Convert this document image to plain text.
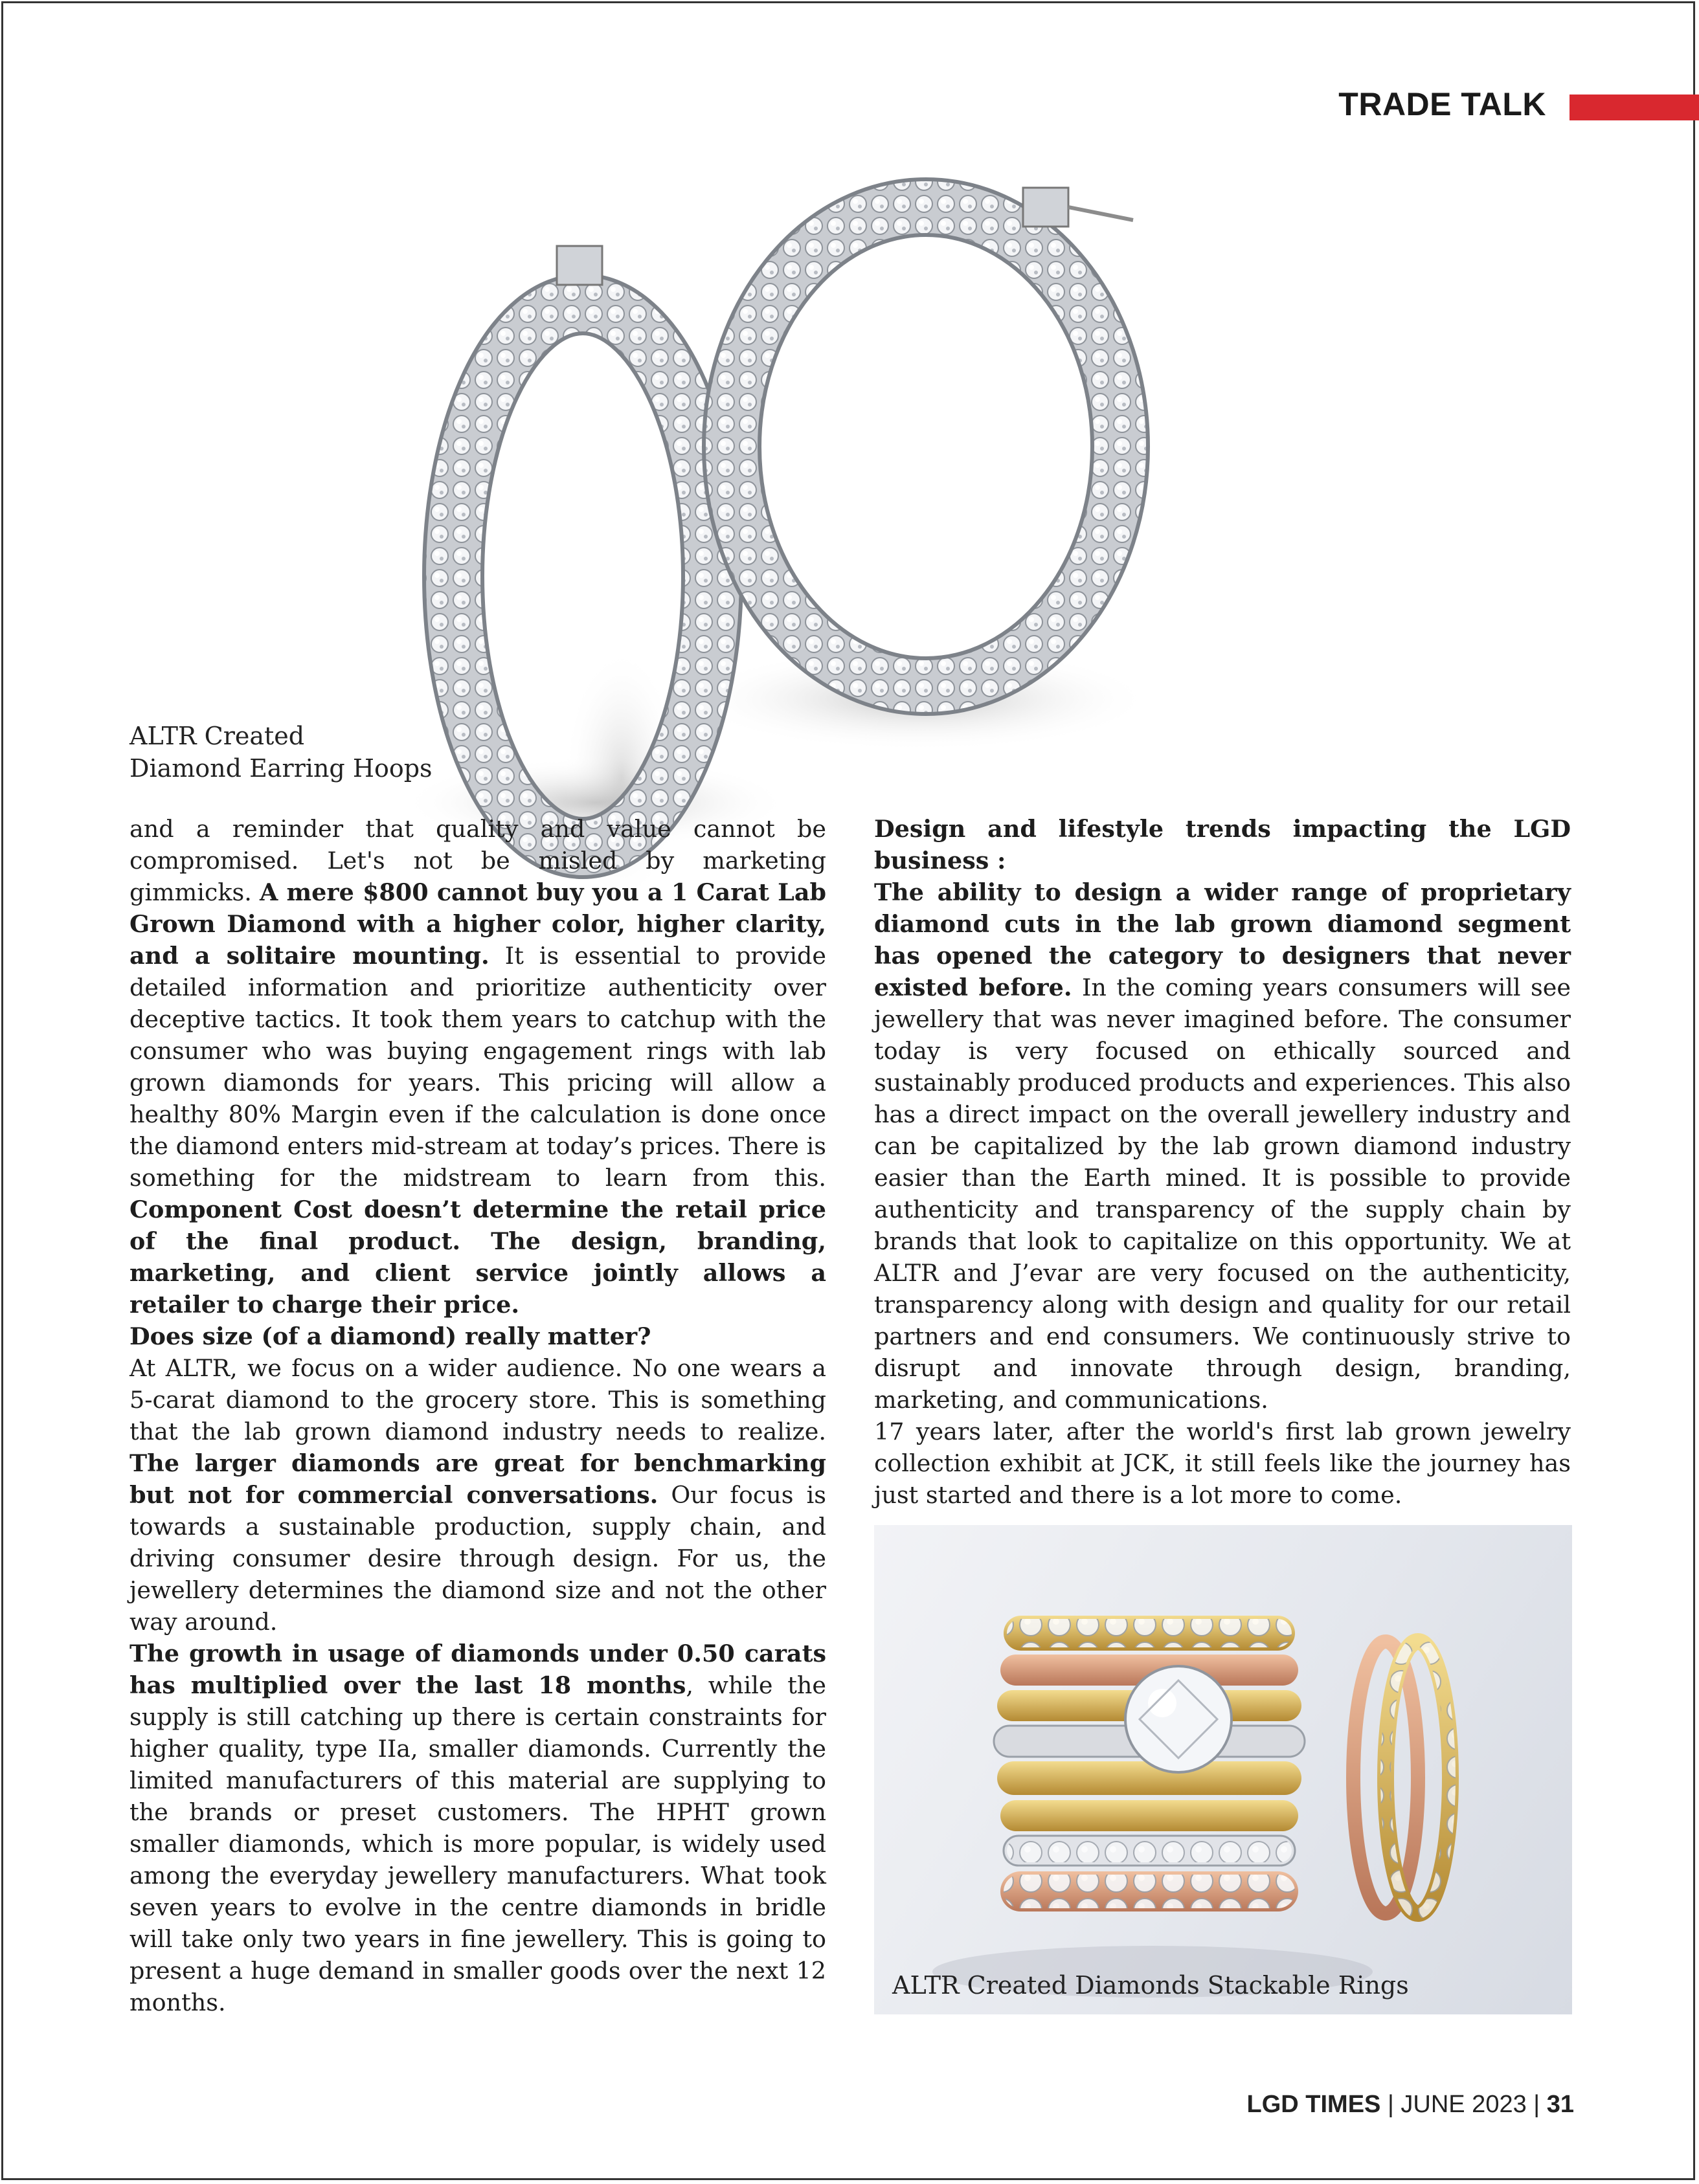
TRADE TALK
ALTR Created
Diamond Earring Hoops

and a reminder that quality and value cannot be compromised. Let's not be misled by marketing gimmicks. A mere $800 cannot buy you a 1 Carat Lab Grown Diamond with a higher color, higher clarity, and a solitaire mounting. It is essential to provide detailed information and prioritize authenticity over deceptive tactics. It took them years to catchup with the consumer who was buying engagement rings with lab grown diamonds for years. This pricing will allow a healthy 80% Margin even if the calculation is done once the diamond enters mid-stream at today’s prices. There is something for the midstream to learn from this. Component Cost doesn’t determine the retail price of the final product. The design, branding, marketing, and client service jointly allows a retailer to charge their price.

Does size (of a diamond) really matter?

At ALTR, we focus on a wider audience. No one wears a 5-carat diamond to the grocery store. This is something that the lab grown diamond industry needs to realize. The larger diamonds are great for benchmarking but not for commercial conversations. Our focus is towards a sustainable production, supply chain, and driving consumer desire through design. For us, the jewellery determines the diamond size and not the other way around.

The growth in usage of diamonds under 0.50 carats has multiplied over the last 18 months, while the supply is still catching up there is certain constraints for higher quality, type IIa, smaller diamonds. Currently the limited manufacturers of this material are supplying to the brands or preset customers. The HPHT grown smaller diamonds, which is more popular, is widely used among the everyday jewellery manufacturers. What took seven years to evolve in the centre diamonds in bridle will take only two years in fine jewellery. This is going to present a huge demand in smaller goods over the next 12 months.

Design and lifestyle trends impacting the LGD business :

The ability to design a wider range of proprietary diamond cuts in the lab grown diamond segment has opened the category to designers that never existed before. In the coming years consumers will see jewellery that was never imagined before. The consumer today is very focused on ethically sourced and sustainably produced products and experiences. This also has a direct impact on the overall jewellery industry and can be capitalized by the lab grown diamond industry easier than the Earth mined. It is possible to provide authenticity and transparency of the supply chain by brands that look to capitalize on this opportunity. We at ALTR and J’evar are very focused on the authenticity, transparency along with design and quality for our retail partners and end consumers. We continuously strive to disrupt and innovate through design, branding, marketing, and communications.

17 years later, after the world's first lab grown jewelry collection exhibit at JCK, it still feels like the journey has just started and there is a lot more to come.

ALTR Created Diamonds Stackable Rings
LGD TIMES | JUNE 2023 | 31
